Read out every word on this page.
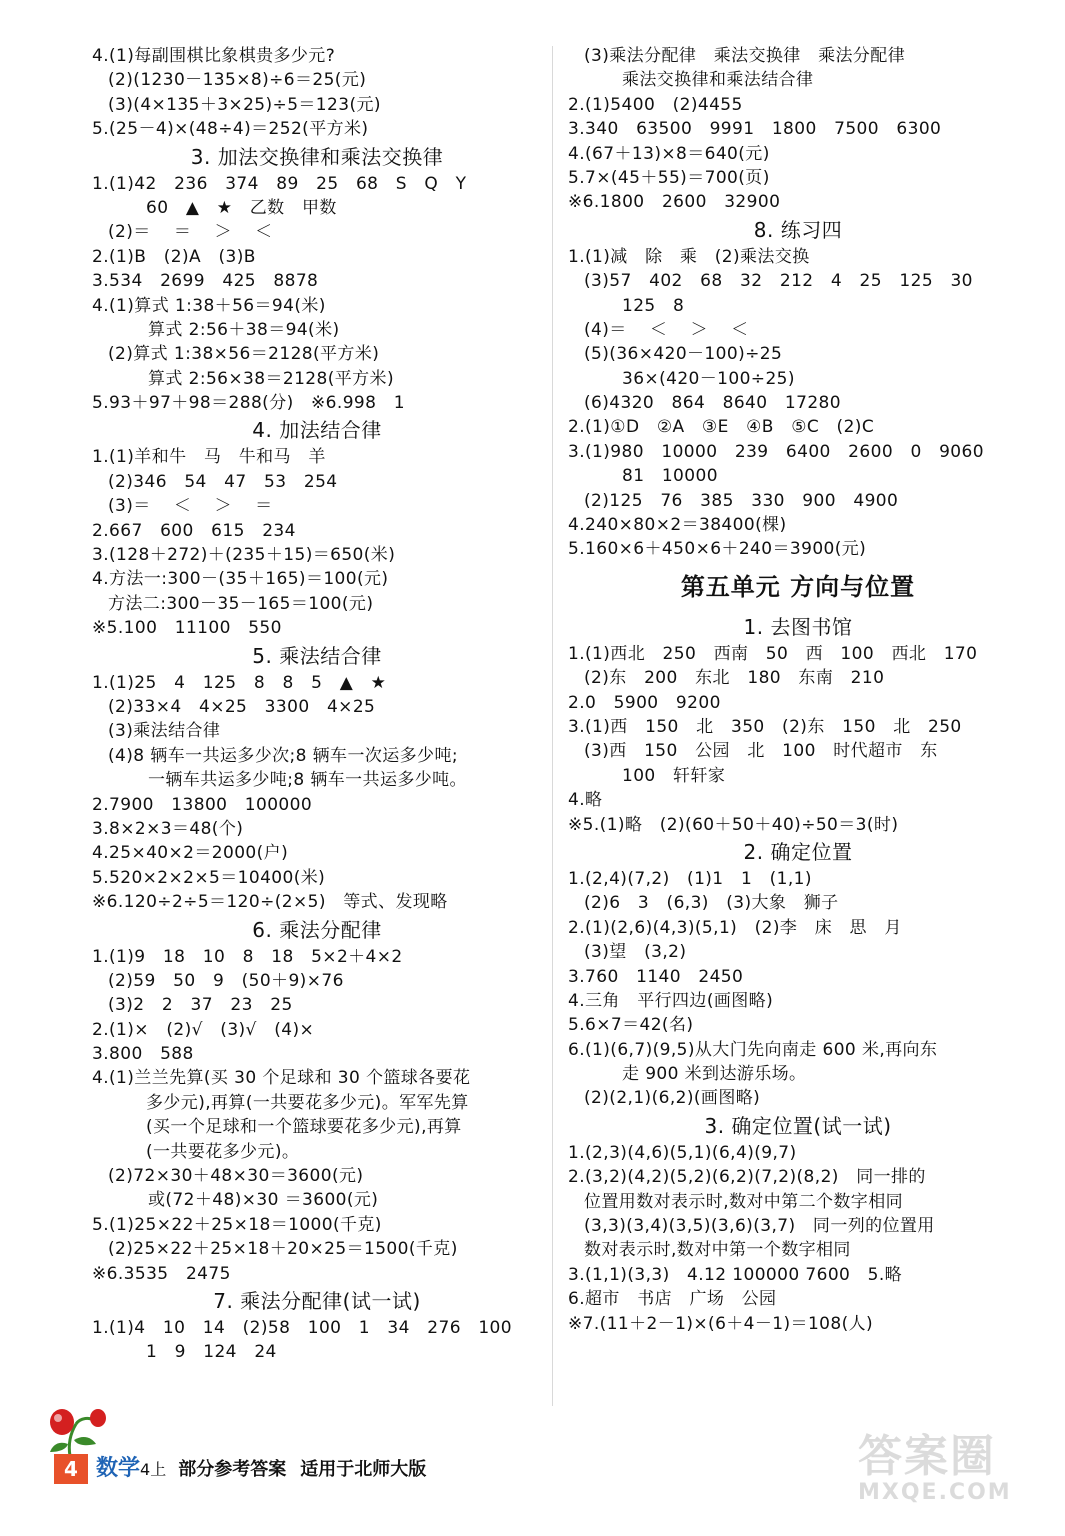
4.(1)每副围棋比象棋贵多少元?
(2)(1230－135×8)÷6＝25(元)
(3)(4×135＋3×25)÷5＝123(元)
5.(25－4)×(48÷4)＝252(平方米)
3. 加法交换律和乘法交换律
1.(1)42   236   374   89   25   68   S   Q   Y
60   ▲   ★   乙数   甲数
(2)＝    ＝    ＞    ＜
2.(1)B   (2)A   (3)B
3.534   2699   425   8878
4.(1)算式 1:38＋56＝94(米)
算式 2:56＋38＝94(米)
(2)算式 1:38×56＝2128(平方米)
算式 2:56×38＝2128(平方米)
5.93＋97＋98＝288(分)   ※6.998   1
4. 加法结合律
1.(1)羊和牛   马   牛和马   羊
(2)346   54   47   53   254
(3)＝    ＜    ＞    ＝
2.667   600   615   234
3.(128＋272)＋(235＋15)＝650(米)
4.方法一:300－(35＋165)＝100(元)
方法二:300－35－165＝100(元)
※5.100   11100   550
5. 乘法结合律
1.(1)25   4   125   8   8   5   ▲   ★
(2)33×4   4×25   3300   4×25
(3)乘法结合律
(4)8 辆车一共运多少次;8 辆车一次运多少吨;
一辆车共运多少吨;8 辆车一共运多少吨。
2.7900   13800   100000
3.8×2×3＝48(个)
4.25×40×2＝2000(户)
5.520×2×2×5＝10400(米)
※6.120÷2÷5＝120÷(2×5)   等式、发现略
6. 乘法分配律
1.(1)9   18   10   8   18   5×2＋4×2
(2)59   50   9   (50＋9)×76
(3)2   2   37   23   25
2.(1)×   (2)√   (3)√   (4)×
3.800   588
4.(1)兰兰先算(买 30 个足球和 30 个篮球各要花
多少元),再算(一共要花多少元)。军军先算
(买一个足球和一个篮球要花多少元),再算
(一共要花多少元)。
(2)72×30＋48×30＝3600(元)
或(72＋48)×30 ＝3600(元)
5.(1)25×22＋25×18＝1000(千克)
(2)25×22＋25×18＋20×25＝1500(千克)
※6.3535   2475
7. 乘法分配律(试一试)
1.(1)4   10   14   (2)58   100   1   34   276   100
1   9   124   24
(3)乘法分配律   乘法交换律   乘法分配律
乘法交换律和乘法结合律
2.(1)5400   (2)4455
3.340   63500   9991   1800   7500   6300
4.(67＋13)×8＝640(元)
5.7×(45＋55)＝700(页)
※6.1800   2600   32900
8. 练习四
1.(1)减   除   乘   (2)乘法交换
(3)57   402   68   32   212   4   25   125   30
125   8
(4)＝    ＜    ＞    ＜
(5)(36×420－100)÷25
36×(420－100÷25)
(6)4320   864   8640   17280
2.(1)①D   ②A   ③E   ④B   ⑤C   (2)C
3.(1)980   10000   239   6400   2600   0   9060
81   10000
(2)125   76   385   330   900   4900
4.240×80×2＝38400(棵)
5.160×6＋450×6＋240＝3900(元)
第五单元 方向与位置
1. 去图书馆
1.(1)西北   250   西南   50   西   100   西北   170
(2)东   200   东北   180   东南   210
2.0   5900   9200
3.(1)西   150   北   350   (2)东   150   北   250
(3)西   150   公园   北   100   时代超市   东
100   轩轩家
4.略
※5.(1)略   (2)(60＋50＋40)÷50＝3(时)
2. 确定位置
1.(2,4)(7,2)   (1)1   1   (1,1)
(2)6   3   (6,3)   (3)大象   狮子
2.(1)(2,6)(4,3)(5,1)   (2)李   床   思   月
(3)望   (3,2)
3.760   1140   2450
4.三角   平行四边(画图略)
5.6×7＝42(名)
6.(1)(6,7)(9,5)从大门先向南走 600 米,再向东
走 900 米到达游乐场。
(2)(2,1)(6,2)(画图略)
3. 确定位置(试一试)
1.(2,3)(4,6)(5,1)(6,4)(9,7)
2.(3,2)(4,2)(5,2)(6,2)(7,2)(8,2)   同一排的
位置用数对表示时,数对中第二个数字相同
(3,3)(3,4)(3,5)(3,6)(3,7)   同一列的位置用
数对表示时,数对中第一个数字相同
3.(1,1)(3,3)   4.12 100000 7600   5.略
6.超市   书店   广场   公园
※7.(11＋2－1)×(6＋4－1)＝108(人)
4 数学4上 部分参考答案 适用于北师大版	答案圈
MXQE.COM
